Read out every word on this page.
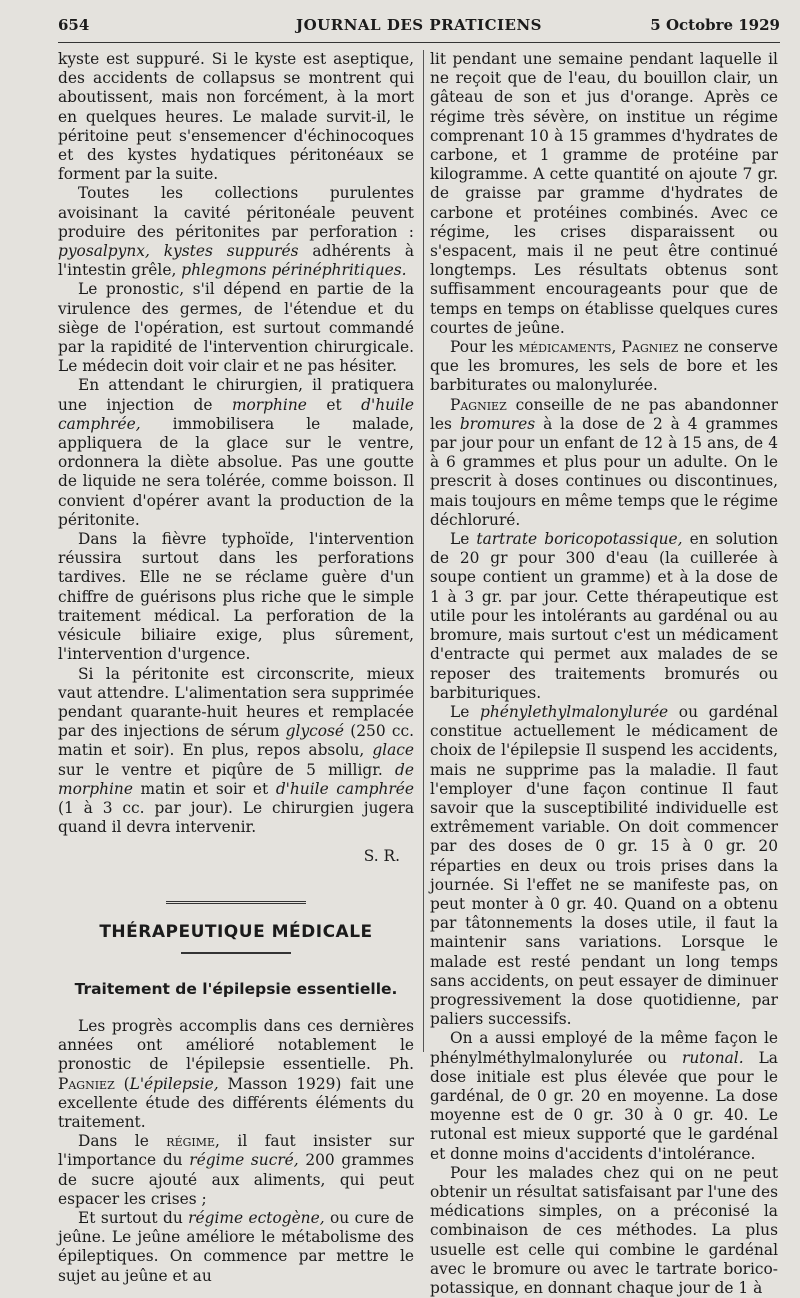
654	JOURNAL DES PRATICIENS	5 Octobre 1929

kyste est suppuré. Si le kyste est aseptique, des accidents de collapsus se montrent qui aboutissent, mais non forcément, à la mort en quelques heures. Le malade survit-il, le péritoine peut s'ensemencer d'échinocoques et des kystes hydatiques péritonéaux se forment par la suite.

Toutes les collections purulentes avoisinant la cavité péritonéale peuvent produire des péritonites par perforation : pyosalpynx, kystes suppurés adhérents à l'intestin grêle, phlegmons périnéphritiques.

Le pronostic, s'il dépend en partie de la virulence des germes, de l'étendue et du siège de l'opération, est surtout commandé par la rapidité de l'intervention chirurgicale. Le médecin doit voir clair et ne pas hésiter.

En attendant le chirurgien, il pratiquera une injection de morphine et d'huile camphrée, immobilisera le malade, appliquera de la glace sur le ventre, ordonnera la diète absolue. Pas une goutte de liquide ne sera tolérée, comme boisson. Il convient d'opérer avant la production de la péritonite.

Dans la fièvre typhoïde, l'intervention réussira surtout dans les perforations tardives. Elle ne se réclame guère d'un chiffre de guérisons plus riche que le simple traitement médical. La perforation de la vésicule biliaire exige, plus sûrement, l'intervention d'urgence.

Si la péritonite est circonscrite, mieux vaut attendre. L'alimentation sera supprimée pendant quarante-huit heures et remplacée par des injections de sérum glycosé (250 cc. matin et soir). En plus, repos absolu, glace sur le ventre et piqûre de 5 milligr. de morphine matin et soir et d'huile camphrée (1 à 3 cc. par jour). Le chirurgien jugera quand il devra intervenir.

S. R.

THÉRAPEUTIQUE MÉDICALE
Traitement de l'épilepsie essentielle.

Les progrès accomplis dans ces dernières années ont amélioré notablement le pronostic de l'épilepsie essentielle. Ph. Pagniez (L'épilepsie, Masson 1929) fait une excellente étude des différents éléments du traitement.

Dans le régime, il faut insister sur l'importance du régime sucré, 200 grammes de sucre ajouté aux aliments, qui peut espacer les crises ;

Et surtout du régime ectogène, ou cure de jeûne. Le jeûne améliore le métabolisme des épileptiques. On commence par mettre le sujet au jeûne et au

lit pendant une semaine pendant laquelle il ne reçoit que de l'eau, du bouillon clair, un gâteau de son et jus d'orange. Après ce régime très sévère, on institue un régime comprenant 10 à 15 grammes d'hydrates de carbone, et 1 gramme de protéine par kilogramme. A cette quantité on ajoute 7 gr. de graisse par gramme d'hydrates de carbone et protéines combinés. Avec ce régime, les crises disparaissent ou s'espacent, mais il ne peut être continué longtemps. Les résultats obtenus sont suffisamment encourageants pour que de temps en temps on établisse quelques cures courtes de jeûne.

Pour les médicaments, Pagniez ne conserve que les bromures, les sels de bore et les barbiturates ou malonylurée.

Pagniez conseille de ne pas abandonner les bromures à la dose de 2 à 4 grammes par jour pour un enfant de 12 à 15 ans, de 4 à 6 grammes et plus pour un adulte. On le prescrit à doses continues ou discontinues, mais toujours en même temps que le régime déchloruré.

Le tartrate boricopotassique, en solution de 20 gr pour 300 d'eau (la cuillerée à soupe contient un gramme) et à la dose de 1 à 3 gr. par jour. Cette thérapeutique est utile pour les intolérants au gardénal ou au bromure, mais surtout c'est un médicament d'entracte qui permet aux malades de se reposer des traitements bromurés ou barbituriques.

Le phénylethylmalonylurée ou gardénal constitue actuellement le médicament de choix de l'épilepsie Il suspend les accidents, mais ne supprime pas la maladie. Il faut l'employer d'une façon continue Il faut savoir que la susceptibilité individuelle est extrêmement variable. On doit commencer par des doses de 0 gr. 15 à 0 gr. 20 réparties en deux ou trois prises dans la journée. Si l'effet ne se manifeste pas, on peut monter à 0 gr. 40. Quand on a obtenu par tâtonnements la doses utile, il faut la maintenir sans variations. Lorsque le malade est resté pendant un long temps sans accidents, on peut essayer de diminuer progressivement la dose quotidienne, par paliers successifs.

On a aussi employé de la même façon le phénylméthylmalonylurée ou rutonal. La dose initiale est plus élevée que pour le gardénal, de 0 gr. 20 en moyenne. La dose moyenne est de 0 gr. 30 à 0 gr. 40. Le rutonal est mieux supporté que le gardénal et donne moins d'accidents d'intolérance.

Pour les malades chez qui on ne peut obtenir un résultat satisfaisant par l'une des médications simples, on a préconisé la combinaison de ces méthodes. La plus usuelle est celle qui combine le gardénal avec le bromure ou avec le tartrate borico-potassique, en donnant chaque jour de 1 à
